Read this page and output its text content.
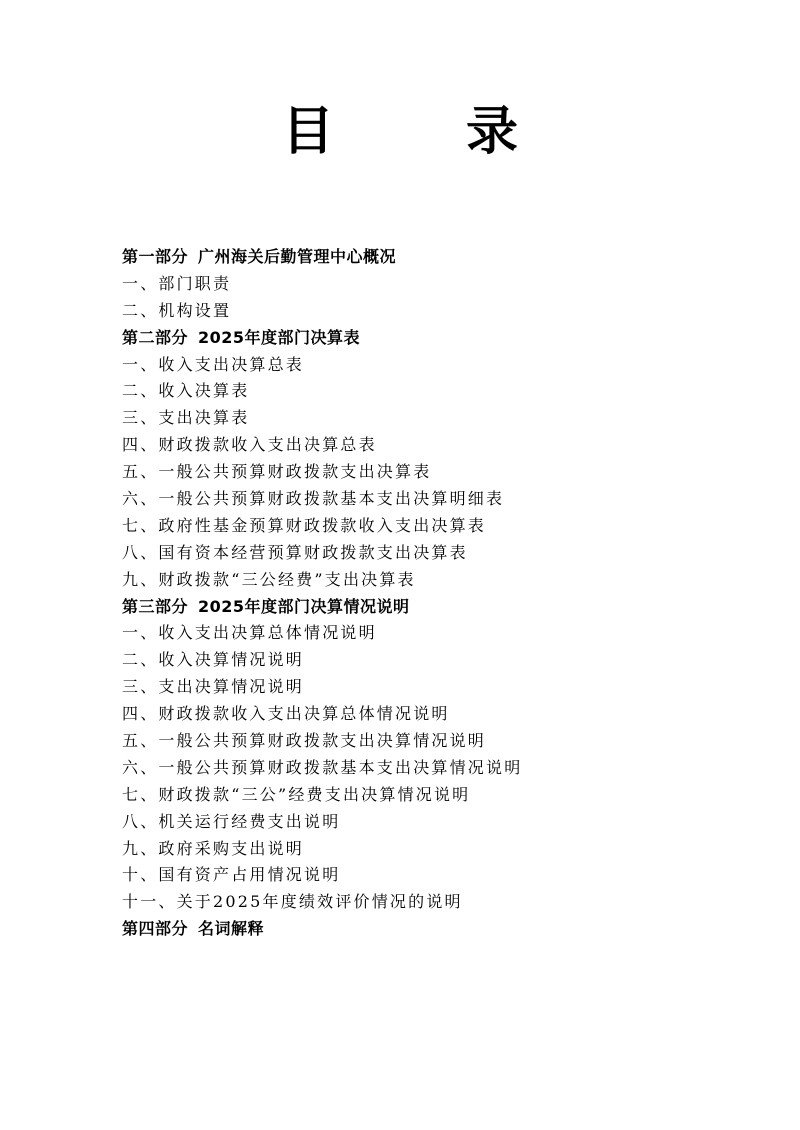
目　录
第一部分 广州海关后勤管理中心概况
一、部门职责
二、机构设置
第二部分 2025年度部门决算表
一、收入支出决算总表
二、收入决算表
三、支出决算表
四、财政拨款收入支出决算总表
五、一般公共预算财政拨款支出决算表
六、一般公共预算财政拨款基本支出决算明细表
七、政府性基金预算财政拨款收入支出决算表
八、国有资本经营预算财政拨款支出决算表
九、财政拨款“三公经费”支出决算表
第三部分 2025年度部门决算情况说明
一、收入支出决算总体情况说明
二、收入决算情况说明
三、支出决算情况说明
四、财政拨款收入支出决算总体情况说明
五、一般公共预算财政拨款支出决算情况说明
六、一般公共预算财政拨款基本支出决算情况说明
七、财政拨款“三公”经费支出决算情况说明
八、机关运行经费支出说明
九、政府采购支出说明
十、国有资产占用情况说明
十一、关于2025年度绩效评价情况的说明
第四部分 名词解释
